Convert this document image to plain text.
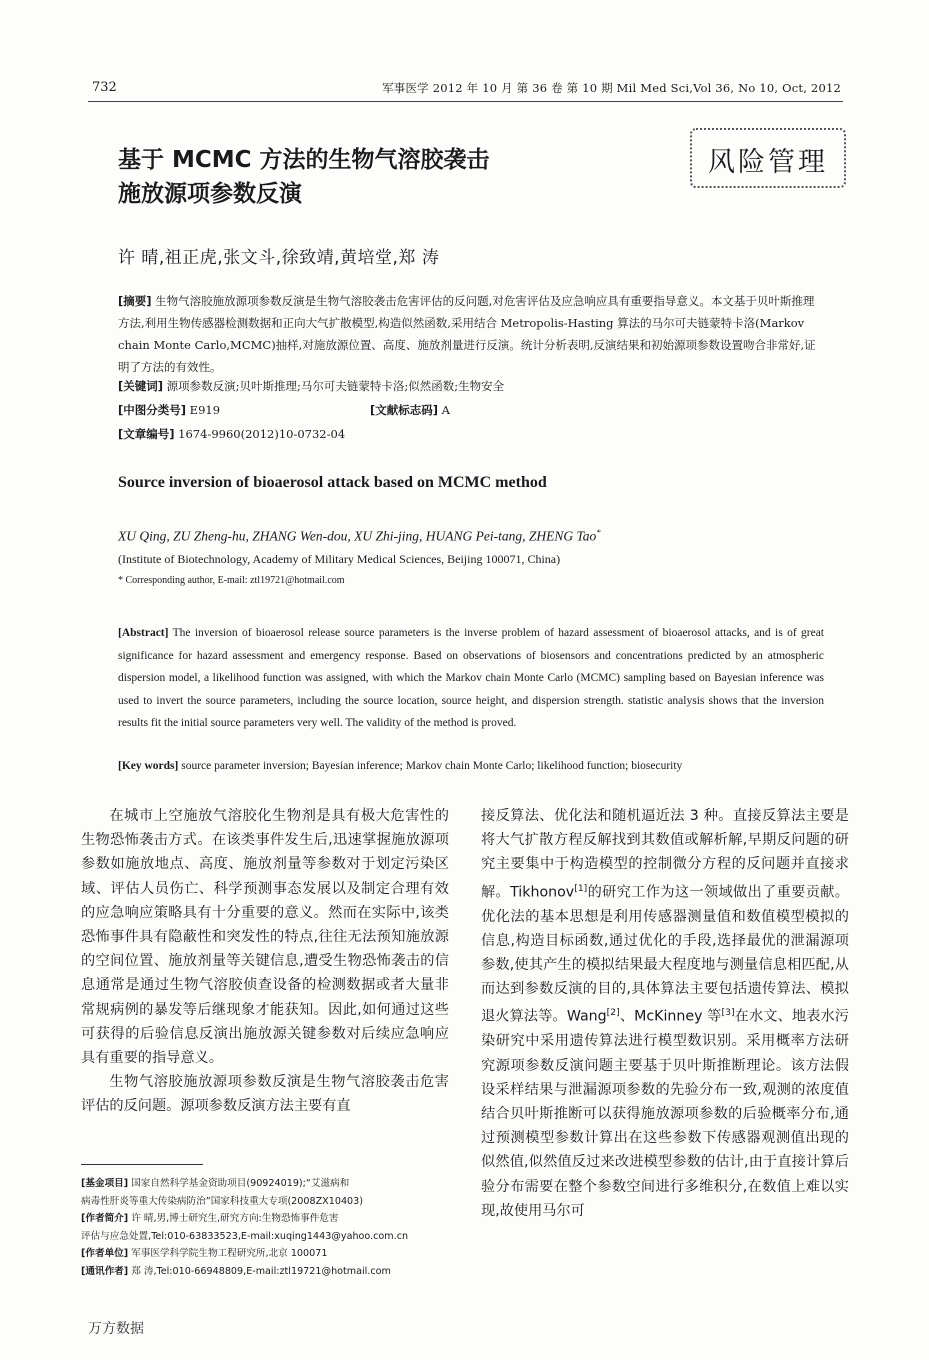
732	军事医学 2012 年 10 月 第 36 卷 第 10 期 Mil Med Sci,Vol 36, No 10, Oct, 2012
基于 MCMC 方法的生物气溶胶袭击
施放源项参数反演
风险管理
许 晴,祖正虎,张文斗,徐致靖,黄培堂,郑 涛
[摘要] 生物气溶胶施放源项参数反演是生物气溶胶袭击危害评估的反问题,对危害评估及应急响应具有重要指导意义。本文基于贝叶斯推理方法,利用生物传感器检测数据和正向大气扩散模型,构造似然函数,采用结合 Metropolis-Hasting 算法的马尔可夫链蒙特卡洛(Markov chain Monte Carlo,MCMC)抽样,对施放源位置、高度、施放剂量进行反演。统计分析表明,反演结果和初始源项参数设置吻合非常好,证明了方法的有效性。
[关键词] 源项参数反演;贝叶斯推理;马尔可夫链蒙特卡洛;似然函数;生物安全
[中图分类号] E919	[文献标志码] A
[文章编号] 1674-9960(2012)10-0732-04
Source inversion of bioaerosol attack based on MCMC method
XU Qing, ZU Zheng-hu, ZHANG Wen-dou, XU Zhi-jing, HUANG Pei-tang, ZHENG Tao*
(Institute of Biotechnology, Academy of Military Medical Sciences, Beijing 100071, China)
* Corresponding author, E-mail: ztl19721@hotmail.com
[Abstract] The inversion of bioaerosol release source parameters is the inverse problem of hazard assessment of bioaerosol attacks, and is of great significance for hazard assessment and emergency response. Based on observations of biosensors and concentrations predicted by an atmospheric dispersion model, a likelihood function was assigned, with which the Markov chain Monte Carlo (MCMC) sampling based on Bayesian inference was used to invert the source parameters, including the source location, source height, and dispersion strength. statistic analysis shows that the inversion results fit the initial source parameters very well. The validity of the method is proved.
[Key words] source parameter inversion; Bayesian inference; Markov chain Monte Carlo; likelihood function; biosecurity

在城市上空施放气溶胶化生物剂是具有极大危害性的生物恐怖袭击方式。在该类事件发生后,迅速掌握施放源项参数如施放地点、高度、施放剂量等参数对于划定污染区域、评估人员伤亡、科学预测事态发展以及制定合理有效的应急响应策略具有十分重要的意义。然而在实际中,该类恐怖事件具有隐蔽性和突发性的特点,往往无法预知施放源的空间位置、施放剂量等关键信息,遭受生物恐怖袭击的信息通常是通过生物气溶胶侦查设备的检测数据或者大量非常规病例的暴发等后继现象才能获知。因此,如何通过这些可获得的后验信息反演出施放源关键参数对后续应急响应具有重要的指导意义。

生物气溶胶施放源项参数反演是生物气溶胶袭击危害评估的反问题。源项参数反演方法主要有直

接反算法、优化法和随机逼近法 3 种。直接反算法主要是将大气扩散方程反解找到其数值或解析解,早期反问题的研究主要集中于构造模型的控制微分方程的反问题并直接求解。Tikhonov[1]的研究工作为这一领域做出了重要贡献。优化法的基本思想是利用传感器测量值和数值模型模拟的信息,构造目标函数,通过优化的手段,选择最优的泄漏源项参数,使其产生的模拟结果最大程度地与测量信息相匹配,从而达到参数反演的目的,具体算法主要包括遗传算法、模拟退火算法等。Wang[2]、McKinney 等[3]在水文、地表水污染研究中采用遗传算法进行模型数识别。采用概率方法研究源项参数反演问题主要基于贝叶斯推断理论。该方法假设采样结果与泄漏源项参数的先验分布一致,观测的浓度值结合贝叶斯推断可以获得施放源项参数的后验概率分布,通过预测模型参数计算出在这些参数下传感器观测值出现的似然值,似然值反过来改进模型参数的估计,由于直接计算后验分布需要在整个参数空间进行多维积分,在数值上难以实现,故使用马尔可

[基金项目] 国家自然科学基金资助项目(90924019);“艾滋病和
病毒性肝炎等重大传染病防治”国家科技重大专项(2008ZX10403)
[作者简介] 许 晴,男,博士研究生,研究方向:生物恐怖事件危害
评估与应急处置,Tel:010-63833523,E-mail:xuqing1443@yahoo.com.cn
[作者单位] 军事医学科学院生物工程研究所,北京 100071
[通讯作者] 郑 涛,Tel:010-66948809,E-mail:ztl19721@hotmail.com
万方数据
